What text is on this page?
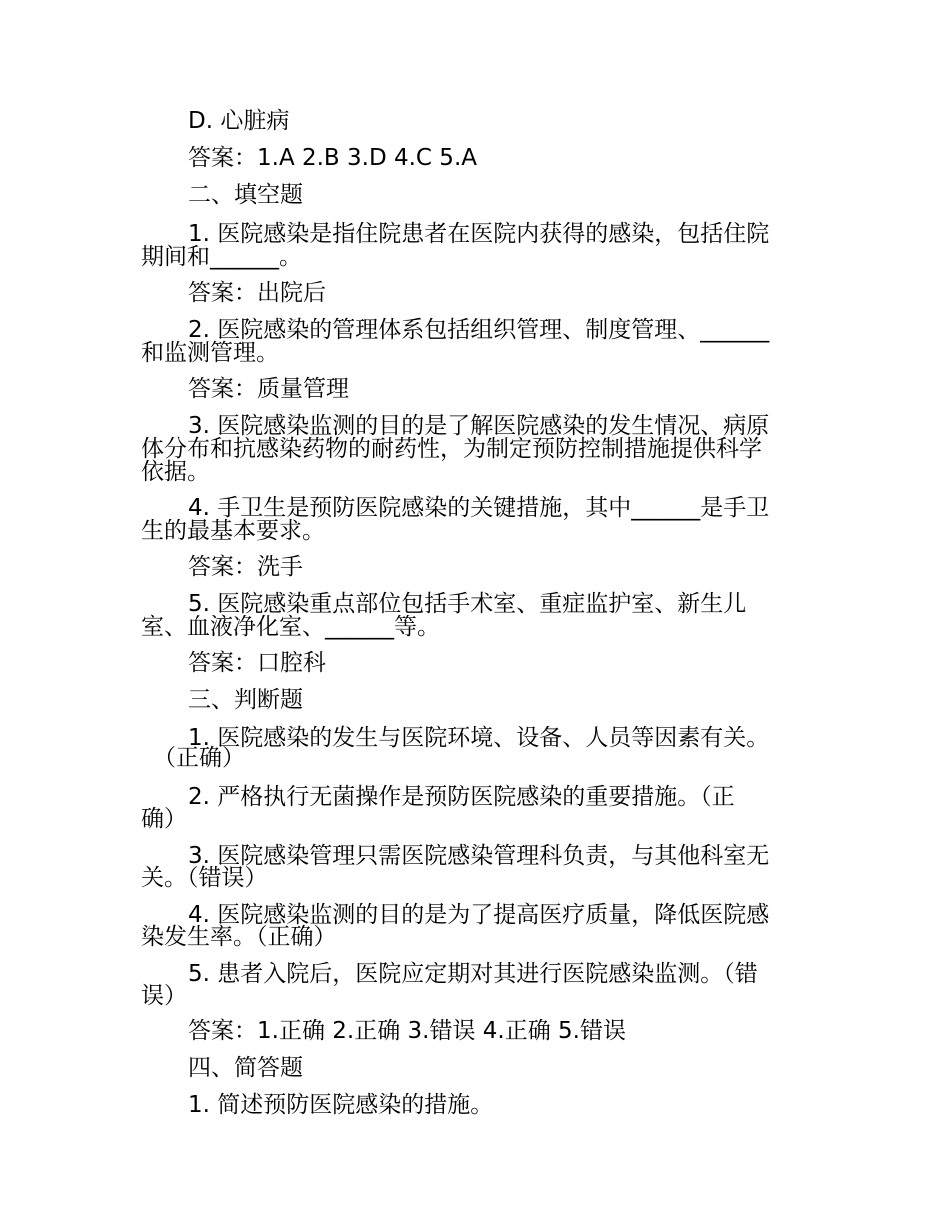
D. 心脏病
答案：1.A 2.B 3.D 4.C 5.A
二、填空题
1. 医院感染是指住院患者在医院内获得的感染，包括住院
期间和______。
答案：出院后
2. 医院感染的管理体系包括组织管理、制度管理、______
和监测管理。
答案：质量管理
3. 医院感染监测的目的是了解医院感染的发生情况、病原
体分布和抗感染药物的耐药性，为制定预防控制措施提供科学
依据。
4. 手卫生是预防医院感染的关键措施，其中______是手卫
生的最基本要求。
答案：洗手
5. 医院感染重点部位包括手术室、重症监护室、新生儿
室、血液净化室、______等。
答案：口腔科
三、判断题
1. 医院感染的发生与医院环境、设备、人员等因素有关。
（正确）
2. 严格执行无菌操作是预防医院感染的重要措施。（正
确）
3. 医院感染管理只需医院感染管理科负责，与其他科室无
关。（错误）
4. 医院感染监测的目的是为了提高医疗质量，降低医院感
染发生率。（正确）
5. 患者入院后，医院应定期对其进行医院感染监测。（错
误）
答案：1.正确 2.正确 3.错误 4.正确 5.错误
四、简答题
1. 简述预防医院感染的措施。
